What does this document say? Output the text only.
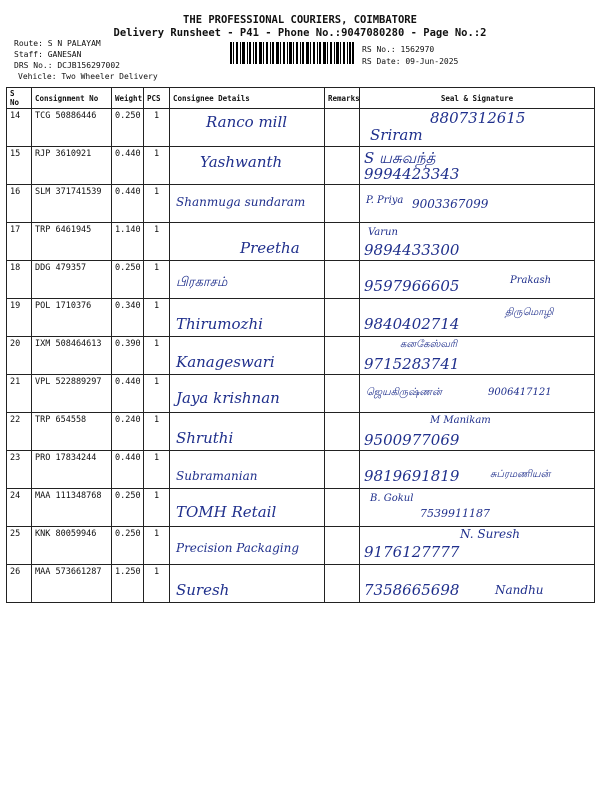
THE PROFESSIONAL COURIERS, COIMBATORE
Delivery Runsheet - P41 - Phone No.:9047080280 - Page No.:2
Route: S N PALAYAM
Staff: GANESAN
DRS No.: DCJB156297002
Vehicle: Two Wheeler Delivery
RS No.: 1562970
RS Date: 09-Jun-2025
S No	Consignment No	Weight	PCS	Consignee Details	Remarks	Seal & Signature
14	TCG 50886446	0.250	1	Ranco mill		8807312615
Sriram

15	RJP 3610921	0.440	1	Yashwanth		S யசுவந்த்
9994423343

16	SLM 371741539	0.440	1	Shanmuga sundaram		P. Priya 9003367099

17	TRP 6461945	1.140	1	Preetha		Varun
9894433300

18	DDG 479357	0.250	1	பிரகாசம்		9597966605 Prakash

19	POL 1710376	0.340	1	Thirumozhi		9840402714
திருமொழி

20	IXM 508464613	0.390	1	Kanageswari		கனகேஸ்வரி
9715283741

21	VPL 522889297	0.440	1	Jaya krishnan		ஜெயகிருஷ்ணன் 9006417121

22	TRP 654558	0.240	1	Shruthi		M Manikam
9500977069

23	PRO 17834244	0.440	1	Subramanian		9819691819 சுப்ரமணியன்

24	MAA 111348768	0.250	1	TOMH Retail		B. Gokul
7539911187

25	KNK 80059946	0.250	1	Precision Packaging		N. Suresh
9176127777

26	MAA 573661287	1.250	1	Suresh		7358665698 Nandhu
